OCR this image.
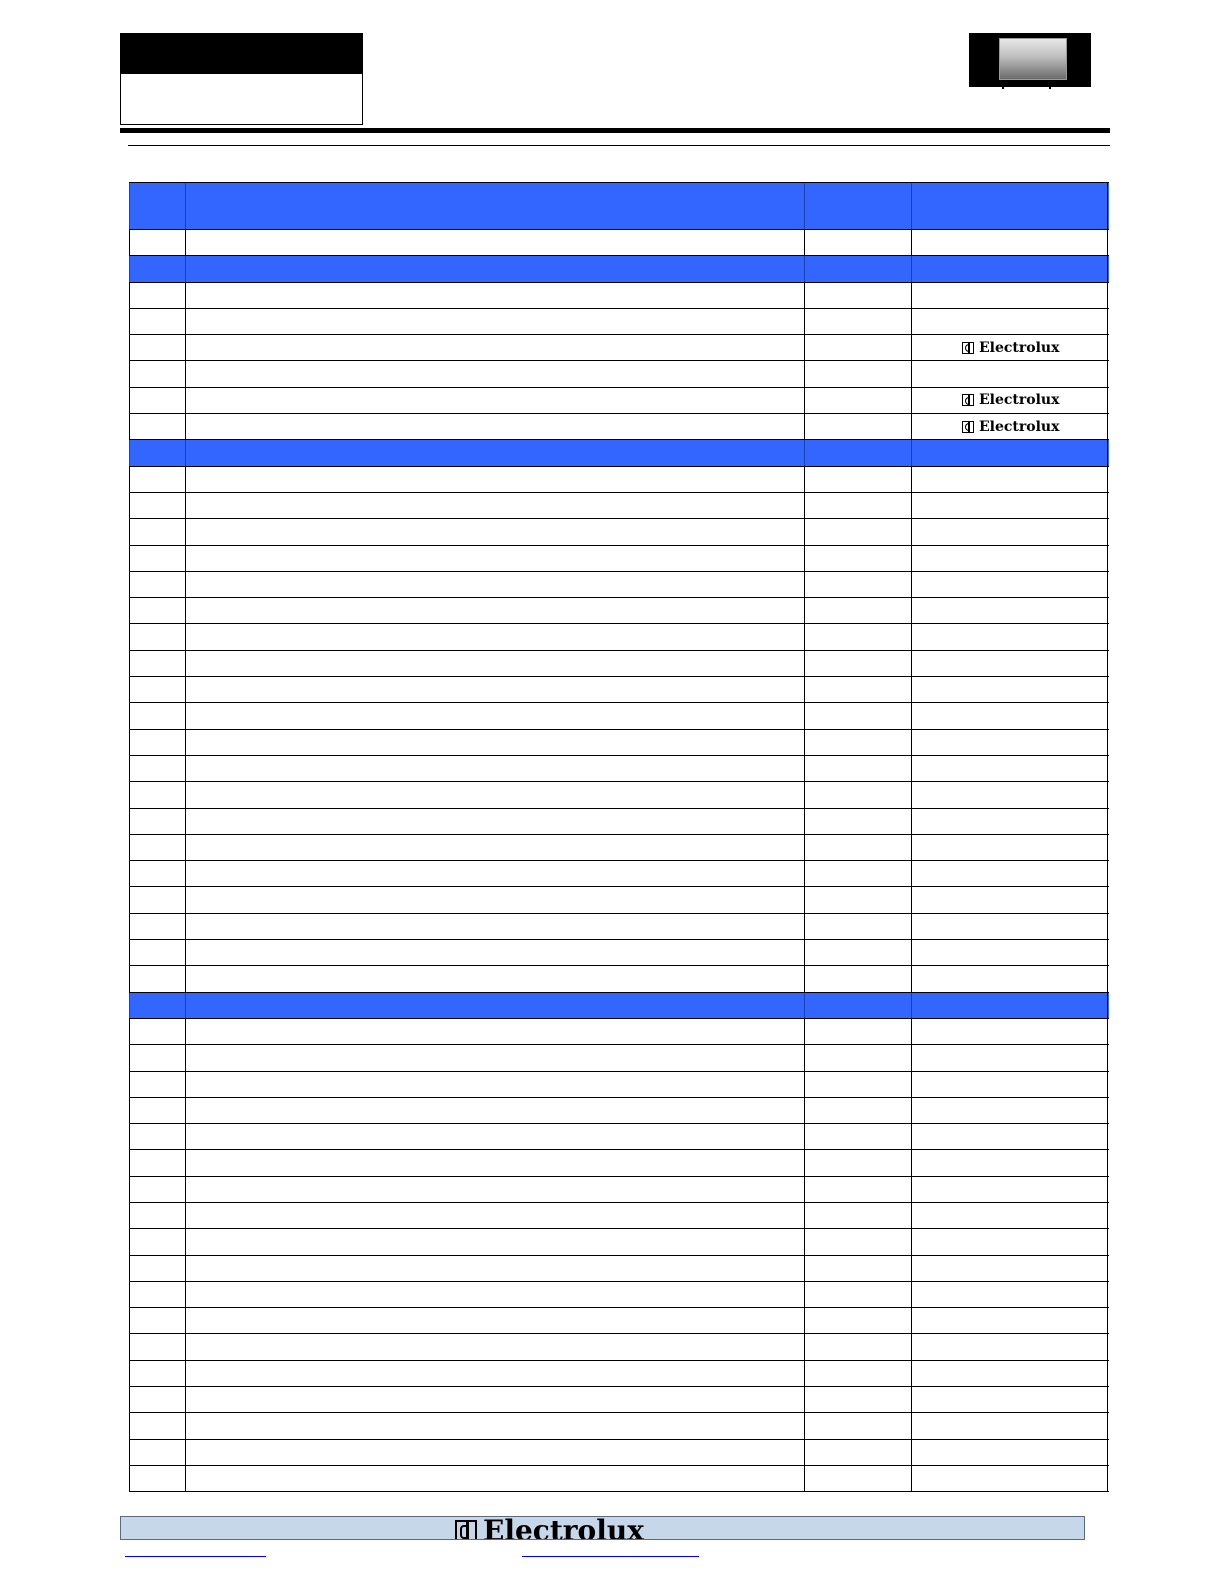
Electrolux
Electrolux
Electrolux
Electrolux
